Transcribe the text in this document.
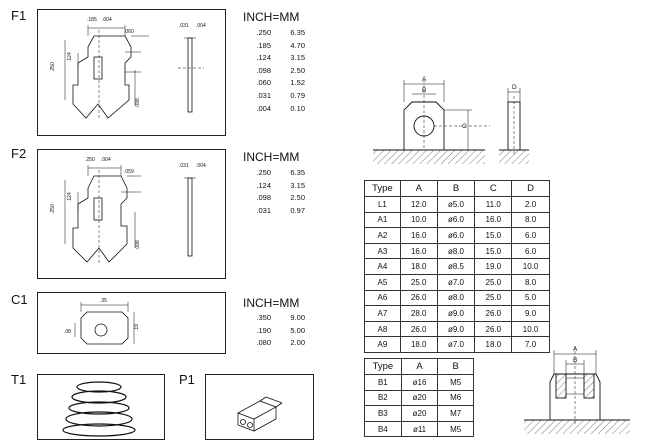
F1
F2
C1
T1	P1
.185 .004
.060
.250
.124
.098
.031 .004
.250 .004
.059
.250
.124
.098
.031 .004
.35
.08
.19
INCH=MM
INCH=MM
INCH=MM
.250	6.35
.185	4.70
.124	3.15
.098	2.50
.060	1.52
.031	0.79
.004	0.10
.250	6.35
.124	3.15
.098	2.50
.031	0.97
.350	9.00
.190	5.00
.080	2.00
A
B
C
D
Type	A	B	C	D
L1	12.0	ø5.0	11.0	2.0
A1	10.0	ø6.0	16.0	8.0
A2	16.0	ø6.0	15.0	6.0
A3	16.0	ø8.0	15.0	6.0
A4	18.0	ø8.5	19.0	10.0
A5	25.0	ø7.0	25.0	8.0
A6	26.0	ø8.0	25.0	5.0
A7	28.0	ø9.0	26.0	9.0
A8	26.0	ø9.0	26.0	10.0
A9	18.0	ø7.0	18.0	7.0
Type	A	B
B1	ø16	M5
B2	ø20	M6
B3	ø20	M7
B4	ø11	M5
A
B
